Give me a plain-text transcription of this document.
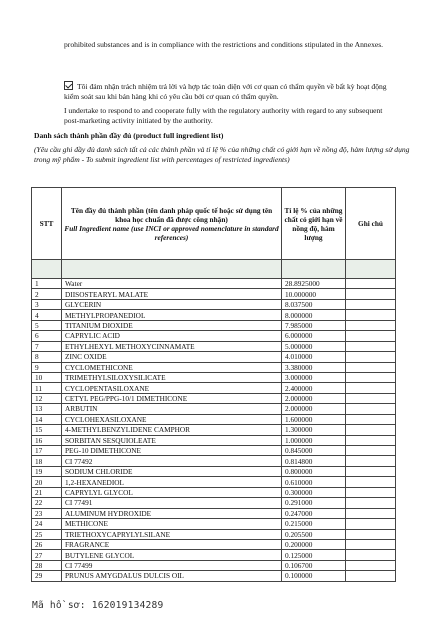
prohibited substances and is in compliance with the restrictions and conditions stipulated in the Annexes.
Tôi đảm nhận trách nhiệm trả lời và hợp tác toàn diện với cơ quan có thẩm quyền về bất kỳ hoạt động kiểm soát sau khi bán hàng khi có yêu cầu bởi cơ quan có thẩm quyền.
I undertake to respond to and cooperate fully with the regulatory authority with regard to any subsequent post-marketing activity initiated by the authority.
Danh sách thành phần đầy đủ (product full ingredient list)
(Yêu cầu ghi đầy đủ danh sách tất cả các thành phần và tỉ lệ % của những chất có giới hạn về nồng độ, hàm lượng sử dụng trong mỹ phẩm - To submit ingredient list with percentages of restricted ingredients)
STT	Tên đầy đủ thành phần (tên danh pháp quốc tế hoặc sử dụng tên khoa học chuẩn đã được công nhận)
Full Ingredient name (use INCI or approved nomenclature in standard references)	Tỉ lệ % của những chất có giới hạn về nồng độ, hàm lượng	Ghi chú

1	Water	28.8925000	
2	DIISOSTEARYL MALATE	10.000000	
3	GLYCERIN	8.037500	
4	METHYLPROPANEDIOL	8.000000	
5	TITANIUM DIOXIDE	7.985000	
6	CAPRYLIC ACID	6.000000	
7	ETHYLHEXYL METHOXYCINNAMATE	5.000000	
8	ZINC OXIDE	4.010000	
9	CYCLOMETHICONE	3.380000	
10	TRIMETHYLSILOXYSILICATE	3.000000	
11	CYCLOPENTASILOXANE	2.400000	
12	CETYL PEG/PPG-10/1 DIMETHICONE	2.000000	
13	ARBUTIN	2.000000	
14	CYCLOHEXASILOXANE	1.600000	
15	4-METHYLBENZYLIDENE CAMPHOR	1.300000	
16	SORBITAN SESQUIOLEATE	1.000000	
17	PEG-10 DIMETHICONE	0.845000	
18	CI 77492	0.814800	
19	SODIUM CHLORIDE	0.800000	
20	1,2-HEXANEDIOL	0.610000	
21	CAPRYLYL GLYCOL	0.300000	
22	CI 77491	0.291000	
23	ALUMINUM HYDROXIDE	0.247000	
24	METHICONE	0.215000	
25	TRIETHOXYCAPRYLYLSILANE	0.205500	
26	FRAGRANCE	0.200000	
27	BUTYLENE GLYCOL	0.125000	
28	CI 77499	0.106700	
29	PRUNUS AMYGDALUS DULCIS OIL	0.100000	
Mã hồ sơ: 162019134289
